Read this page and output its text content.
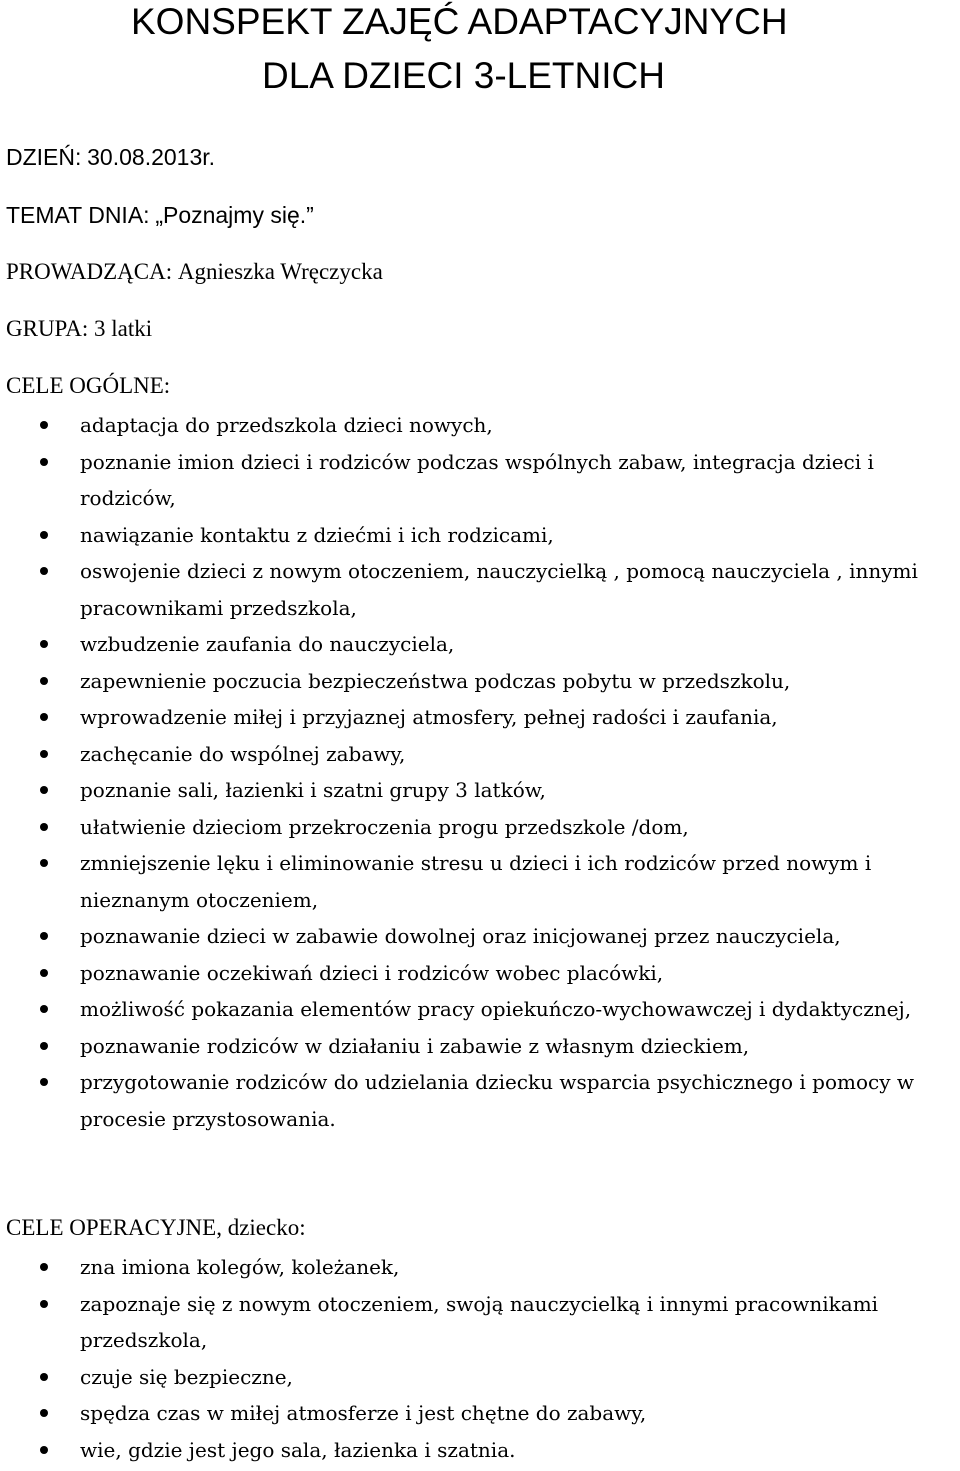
KONSPEKT ZAJĘĆ ADAPTACYJNYCH
DLA DZIECI 3-LETNICH
DZIEŃ: 30.08.2013r.
TEMAT DNIA: „Poznajmy się.”
PROWADZĄCA: Agnieszka Wręczycka
GRUPA: 3 latki
CELE OGÓLNE:
adaptacja do przedszkola dzieci nowych,
poznanie imion dzieci i rodziców podczas wspólnych zabaw, integracja dzieci i rodziców,
nawiązanie kontaktu z dziećmi i ich rodzicami,
oswojenie dzieci z nowym otoczeniem, nauczycielką , pomocą nauczyciela , innymi pracownikami przedszkola,
wzbudzenie zaufania do nauczyciela,
zapewnienie poczucia bezpieczeństwa podczas pobytu w przedszkolu,
wprowadzenie miłej i przyjaznej atmosfery, pełnej radości i zaufania,
zachęcanie do wspólnej zabawy,
poznanie sali, łazienki i szatni grupy 3 latków,
ułatwienie dzieciom przekroczenia progu przedszkole /dom,
zmniejszenie lęku i eliminowanie stresu u dzieci i ich rodziców przed nowym i nieznanym otoczeniem,
poznawanie dzieci w zabawie dowolnej oraz inicjowanej przez nauczyciela,
poznawanie oczekiwań dzieci i rodziców wobec placówki,
możliwość pokazania elementów pracy opiekuńczo-wychowawczej i dydaktycznej,
poznawanie rodziców w działaniu i zabawie z własnym dzieckiem,
przygotowanie rodziców do udzielania dziecku wsparcia psychicznego i pomocy w procesie przystosowania.
CELE OPERACYJNE, dziecko:
zna imiona kolegów, koleżanek,
zapoznaje się z nowym otoczeniem, swoją nauczycielką i innymi pracownikami przedszkola,
czuje się bezpieczne,
spędza czas w miłej atmosferze i jest chętne do zabawy,
wie, gdzie jest jego sala, łazienka i szatnia.
